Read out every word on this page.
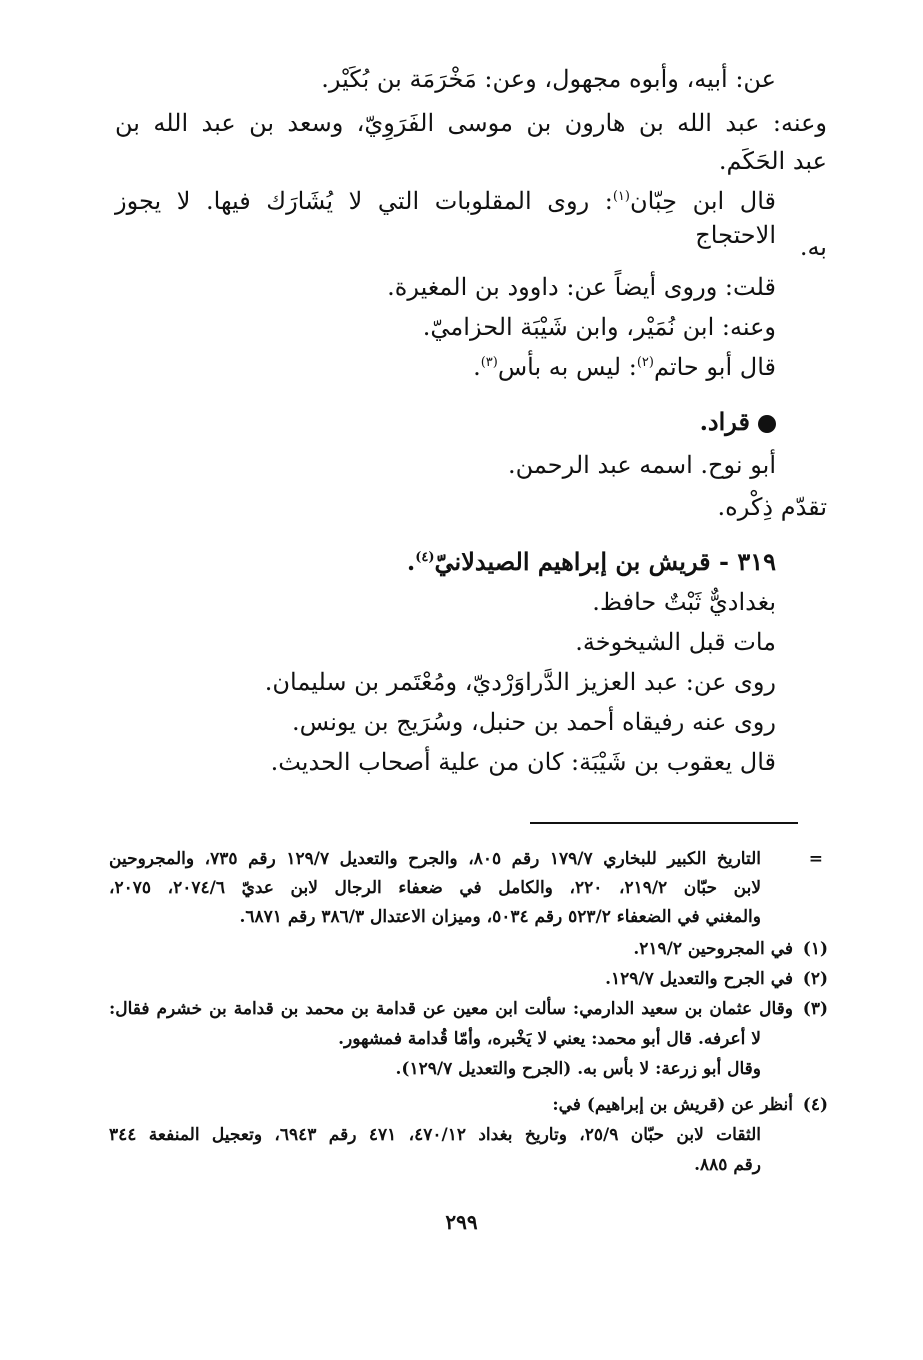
عن: أبيه، وأبوه مجهول، وعن: مَخْرَمَة بن بُكَيْر.
وعنه: عبد الله بن هارون بن موسى الفَرَوِيّ، وسعد بن عبد الله بن
عبد الحَكَم.
قال ابن حِبّان$^{(١)}$: روى المقلوبات التي لا يُشَارَك فيها. لا يجوز الاحتجاج به.
قلت: وروى أيضاً عن: داوود بن المغيرة.
وعنه: ابن نُمَيْر، وابن شَيْبَة الحزاميّ.
قال أبو حاتم$^{(٢)}$: ليس به بأس$^{(٣)}$.
قراد.
أبو نوح. اسمه عبد الرحمن.
تقدّم ذِكْره.
٣١٩ - قريش بن إبراهيم الصيدلانيّ$^{(٤)}$.
بغداديٌّ ثَبْتٌ حافظ.
مات قبل الشيخوخة.
روى عن: عبد العزيز الدَّراوَرْديّ، ومُعْتَمر بن سليمان.
روى عنه رفيقاه أحمد بن حنبل، وسُرَيج بن يونس.
قال يعقوب بن شَيْبَة: كان من علية أصحاب الحديث.
=
التاريخ الكبير للبخاري ١٧٩/٧ رقم ٨٠٥، والجرح والتعديل ١٢٩/٧ رقم ٧٣٥، والمجروحين
لابن حبّان ٢١٩/٢، ٢٢٠، والكامل في ضعفاء الرجال لابن عديّ ٢٠٧٤/٦، ٢٠٧٥،
والمغني في الضعفاء ٥٢٣/٢ رقم ٥٠٣٤، وميزان الاعتدال ٣٨٦/٣ رقم ٦٨٧١.
(١)
في المجروحين ٢١٩/٢.
(٢)
في الجرح والتعديل ١٢٩/٧.
(٣)
وقال عثمان بن سعيد الدارمي: سألت ابن معين عن قدامة بن محمد بن قدامة بن خشرم فقال:
لا أعرفه. قال أبو محمد: يعني لا يَخْبره، وأمّا قُدامة فمشهور.
وقال أبو زرعة: لا بأس به. (الجرح والتعديل ١٢٩/٧).
(٤)
أنظر عن (قريش بن إبراهيم) في:
الثقات لابن حبّان ٢٥/٩، وتاريخ بغداد ٤٧٠/١٢، ٤٧١ رقم ٦٩٤٣، وتعجيل المنفعة ٣٤٤
رقم ٨٨٥.
٢٩٩
